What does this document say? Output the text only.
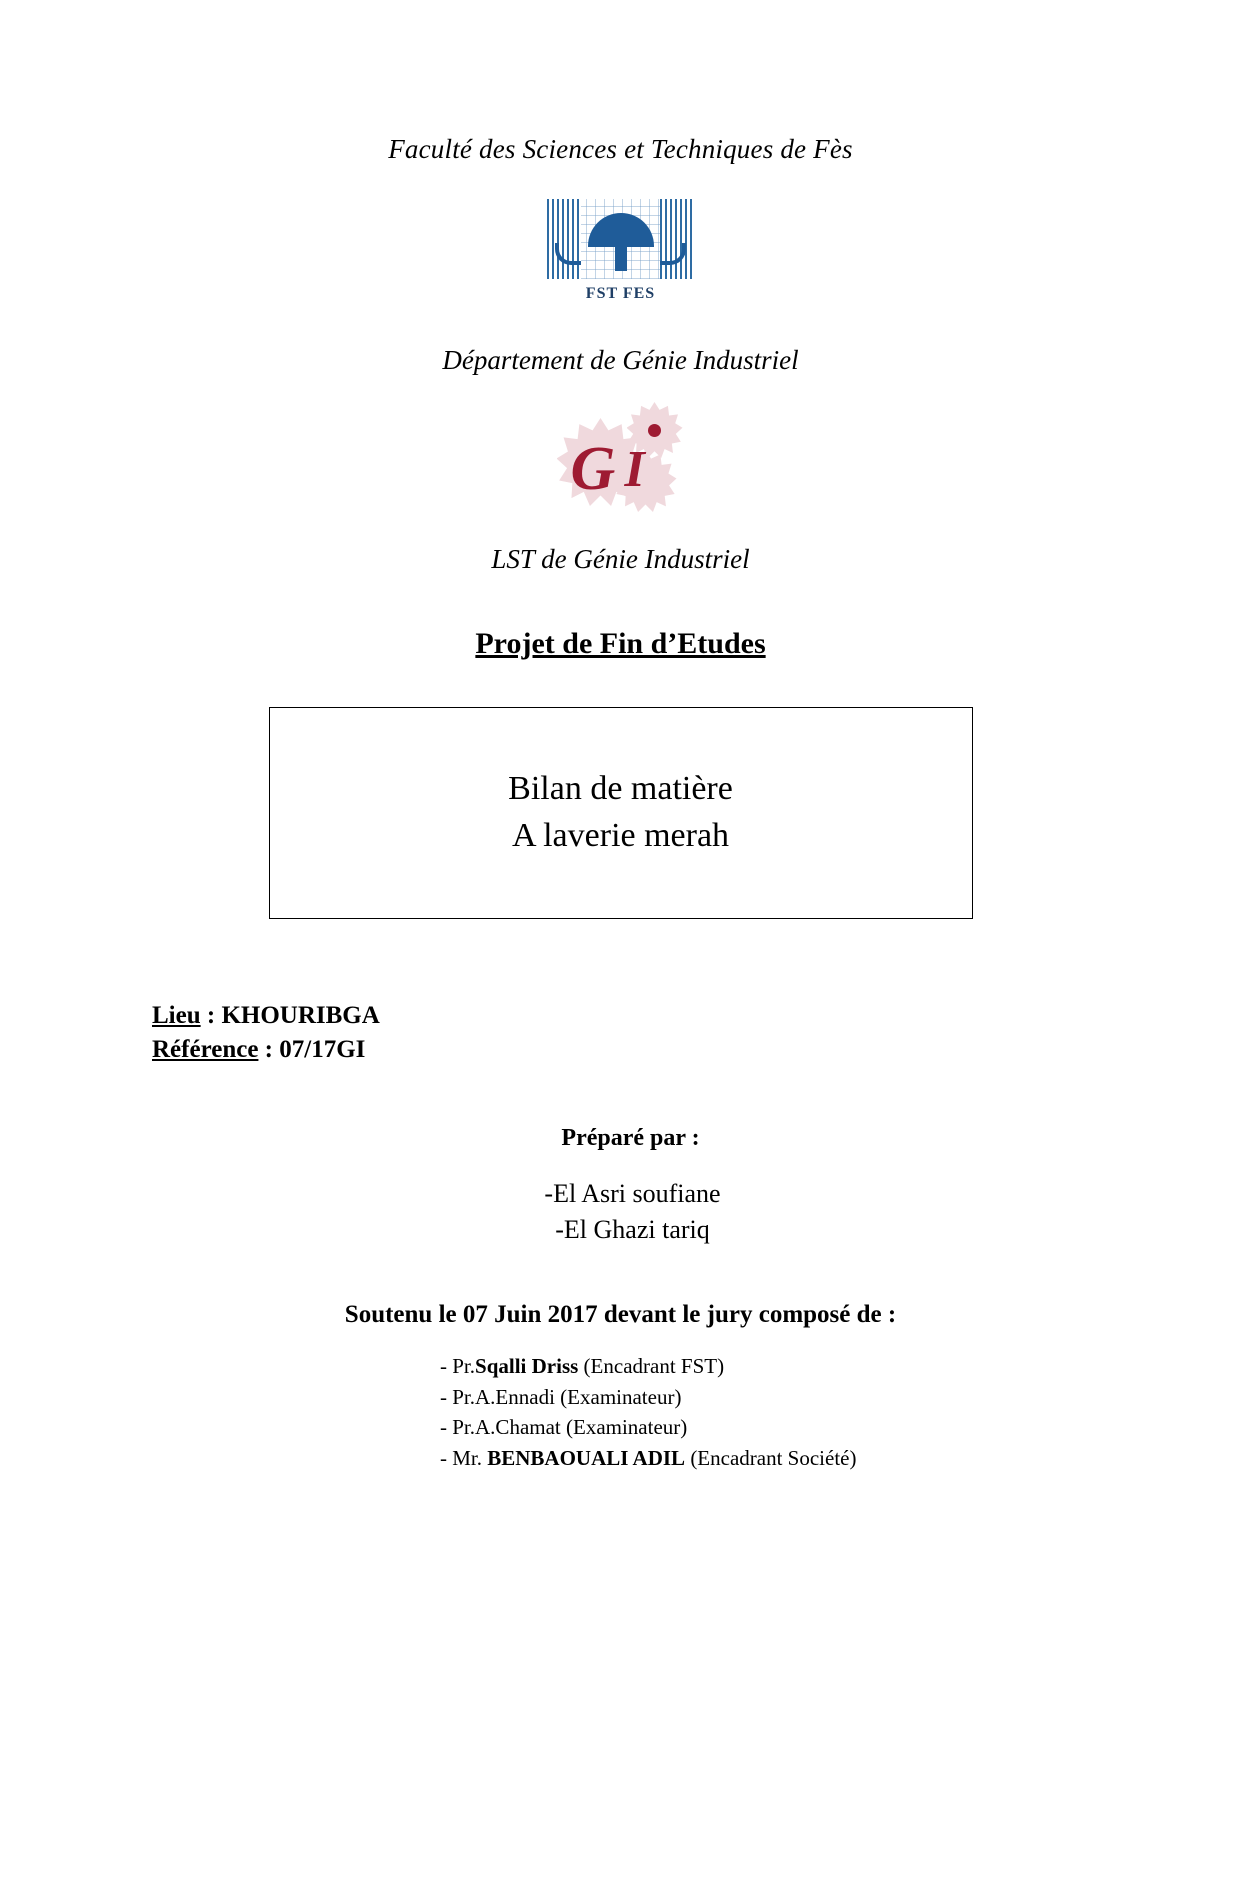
Faculté des Sciences et Techniques de Fès
FST FES
Département de Génie Industriel
G I
LST de Génie Industriel
Projet de Fin d’Etudes
Bilan de matière
A laverie merah
Lieu : KHOURIBGA
Référence : 07/17GI
Préparé par :
-El Asri soufiane
-El Ghazi tariq
Soutenu le 07 Juin 2017 devant le jury composé de :
- Pr.Sqalli Driss (Encadrant FST)
- Pr.A.Ennadi (Examinateur)
- Pr.A.Chamat (Examinateur)
- Mr. BENBAOUALI ADIL (Encadrant Société)
